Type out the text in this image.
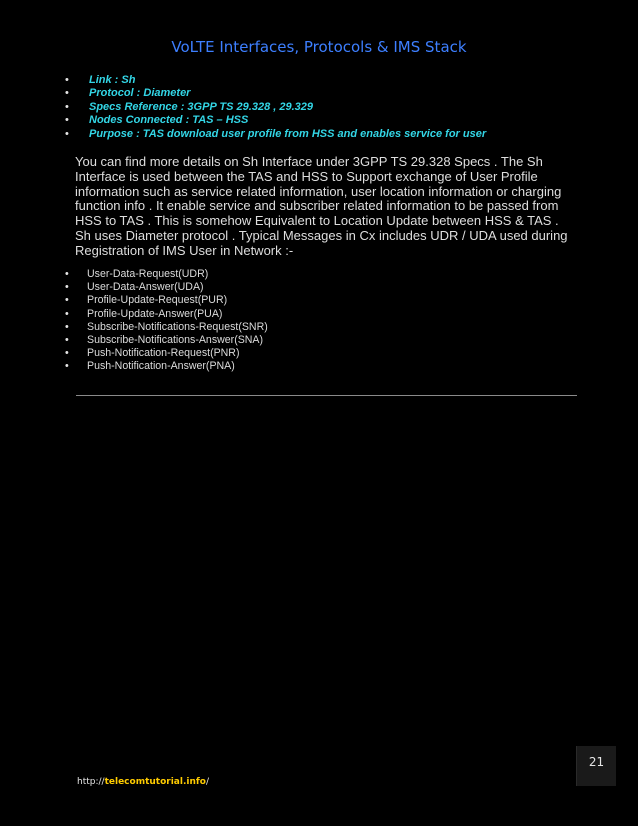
VoLTE Interfaces, Protocols & IMS Stack
• Link : Sh
• Protocol : Diameter
• Specs Reference : 3GPP TS 29.328 , 29.329
• Nodes Connected : TAS – HSS
• Purpose : TAS download user profile from HSS and enables service for user

You can find more details on Sh Interface under 3GPP TS 29.328 Specs . The Sh Interface is used between the TAS and HSS to Support exchange of User Profile information such as service related information, user location information or charging function info . It enable service and subscriber related information to be passed from HSS to TAS . This is somehow Equivalent to Location Update between HSS & TAS . Sh uses Diameter protocol . Typical Messages in Cx includes UDR / UDA used during Registration of IMS User in Network :-

• User-Data-Request(UDR)
• User-Data-Answer(UDA)
• Profile-Update-Request(PUR)
• Profile-Update-Answer(PUA)
• Subscribe-Notifications-Request(SNR)
• Subscribe-Notifications-Answer(SNA)
• Push-Notification-Request(PNR)
• Push-Notification-Answer(PNA)
21
http://telecomtutorial.info/
